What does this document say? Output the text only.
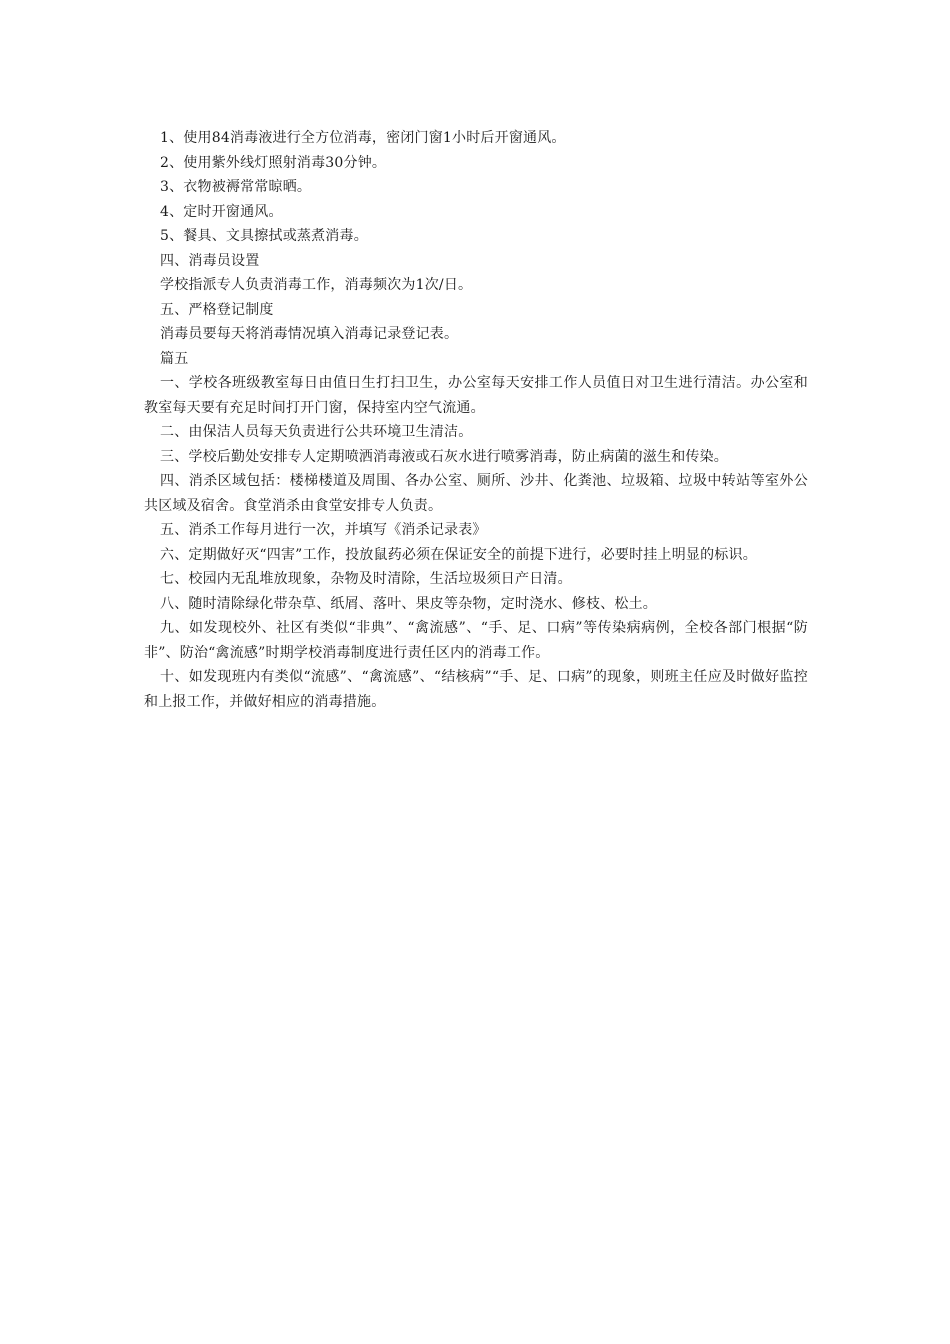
1、使用84消毒液进行全方位消毒，密闭门窗1小时后开窗通风。

2、使用紫外线灯照射消毒30分钟。

3、衣物被褥常常晾晒。

4、定时开窗通风。

5、餐具、文具擦拭或蒸煮消毒。

四、消毒员设置

学校指派专人负责消毒工作，消毒频次为1次/日。

五、严格登记制度

消毒员要每天将消毒情况填入消毒记录登记表。

篇五

一、学校各班级教室每日由值日生打扫卫生，办公室每天安排工作人员值日对卫生进行清洁。办公室和教室每天要有充足时间打开门窗，保持室内空气流通。

二、由保洁人员每天负责进行公共环境卫生清洁。

三、学校后勤处安排专人定期喷洒消毒液或石灰水进行喷雾消毒，防止病菌的滋生和传染。

四、消杀区域包括：楼梯楼道及周围、各办公室、厕所、沙井、化粪池、垃圾箱、垃圾中转站等室外公共区域及宿舍。食堂消杀由食堂安排专人负责。

五、消杀工作每月进行一次，并填写《消杀记录表》

六、定期做好灭“四害”工作，投放鼠药必须在保证安全的前提下进行，必要时挂上明显的标识。

七、校园内无乱堆放现象，杂物及时清除，生活垃圾须日产日清。

八、随时清除绿化带杂草、纸屑、落叶、果皮等杂物，定时浇水、修枝、松土。

九、如发现校外、社区有类似“非典”、“禽流感”、“手、足、口病”等传染病病例，全校各部门根据“防非”、防治“禽流感”时期学校消毒制度进行责任区内的消毒工作。

十、如发现班内有类似“流感”、“禽流感”、“结核病”“手、足、口病”的现象，则班主任应及时做好监控和上报工作，并做好相应的消毒措施。
